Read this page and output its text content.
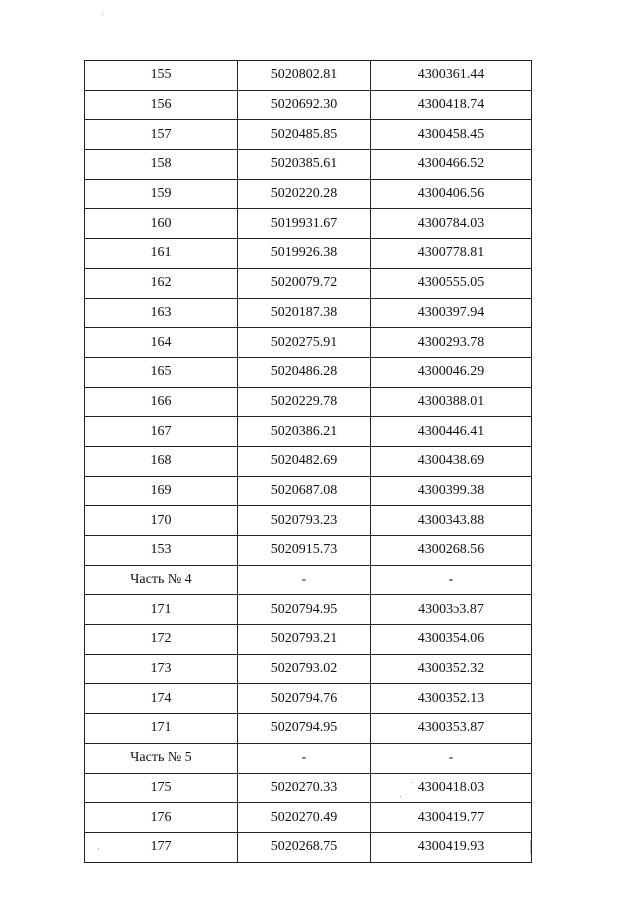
155	5020802.81	4300361.44
156	5020692.30	4300418.74
157	5020485.85	4300458.45
158	5020385.61	4300466.52
159	5020220.28	4300406.56
160	5019931.67	4300784.03
161	5019926.38	4300778.81
162	5020079.72	4300555.05
163	5020187.38	4300397.94
164	5020275.91	4300293.78
165	5020486.28	4300046.29
166	5020229.78	4300388.01
167	5020386.21	4300446.41
168	5020482.69	4300438.69
169	5020687.08	4300399.38
170	5020793.23	4300343.88
153	5020915.73	4300268.56
Часть № 4	-	-
171	5020794.95	43003ɔ3.87
172	5020793.21	4300354.06
173	5020793.02	4300352.32
174	5020794.76	4300352.13
171	5020794.95	4300353.87
Часть № 5	-	-
175	5020270.33	4300418.03
176	5020270.49	4300419.77
177	5020268.75	4300419.93
